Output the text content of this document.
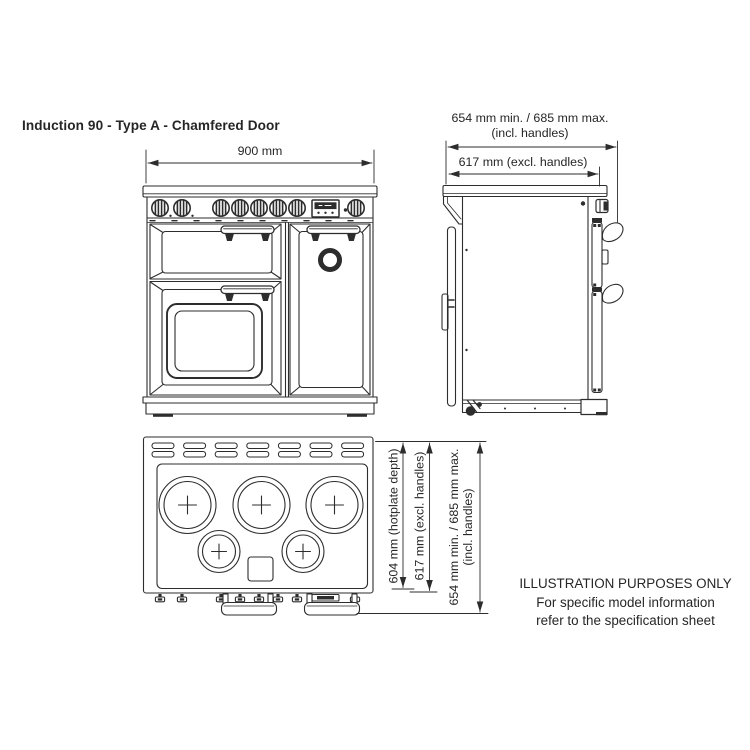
Induction 90 - Type A - Chamfered Door
900 mm
654 mm min. / 685 mm max.
(incl. handles)
617 mm (excl. handles)
604 mm (hotplate depth) 617 mm (excl. handles) 654 mm min. / 685 mm max. (incl. handles)
ILLUSTRATION PURPOSES ONLY
For specific model information
refer to the specification sheet
